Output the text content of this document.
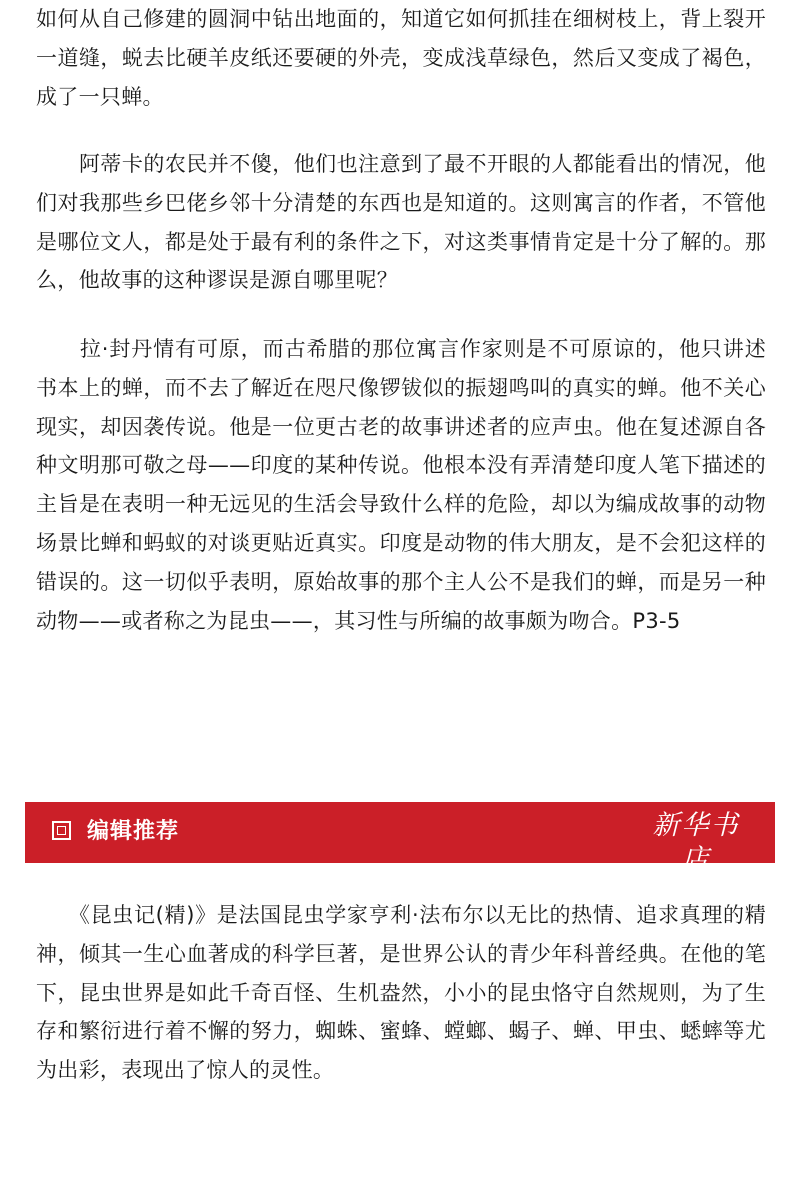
如何从自己修建的圆洞中钻出地面的，知道它如何抓挂在细树枝上，背上裂开一道缝，蜕去比硬羊皮纸还要硬的外壳，变成浅草绿色，然后又变成了褐色，成了一只蝉。

　　阿蒂卡的农民并不傻，他们也注意到了最不开眼的人都能看出的情况，他们对我那些乡巴佬乡邻十分清楚的东西也是知道的。这则寓言的作者，不管他是哪位文人，都是处于最有利的条件之下，对这类事情肯定是十分了解的。那么，他故事的这种谬误是源自哪里呢？

　　拉·封丹情有可原，而古希腊的那位寓言作家则是不可原谅的，他只讲述书本上的蝉，而不去了解近在咫尺像锣钹似的振翅鸣叫的真实的蝉。他不关心现实，却因袭传说。他是一位更古老的故事讲述者的应声虫。他在复述源自各种文明那可敬之母——印度的某种传说。他根本没有弄清楚印度人笔下描述的主旨是在表明一种无远见的生活会导致什么样的危险，却以为编成故事的动物场景比蝉和蚂蚁的对谈更贴近真实。印度是动物的伟大朋友，是不会犯这样的错误的。这一切似乎表明，原始故事的那个主人公不是我们的蝉，而是另一种动物——或者称之为昆虫——，其习性与所编的故事颇为吻合。P3-5

编辑推荐	新华书店
XINHUA　BOOKSTORE

　　《昆虫记(精)》是法国昆虫学家亨利·法布尔以无比的热情、追求真理的精神，倾其一生心血著成的科学巨著，是世界公认的青少年科普经典。在他的笔下，昆虫世界是如此千奇百怪、生机盎然，小小的昆虫恪守自然规则，为了生存和繁衍进行着不懈的努力，蜘蛛、蜜蜂、螳螂、蝎子、蝉、甲虫、蟋蟀等尤为出彩，表现出了惊人的灵性。
